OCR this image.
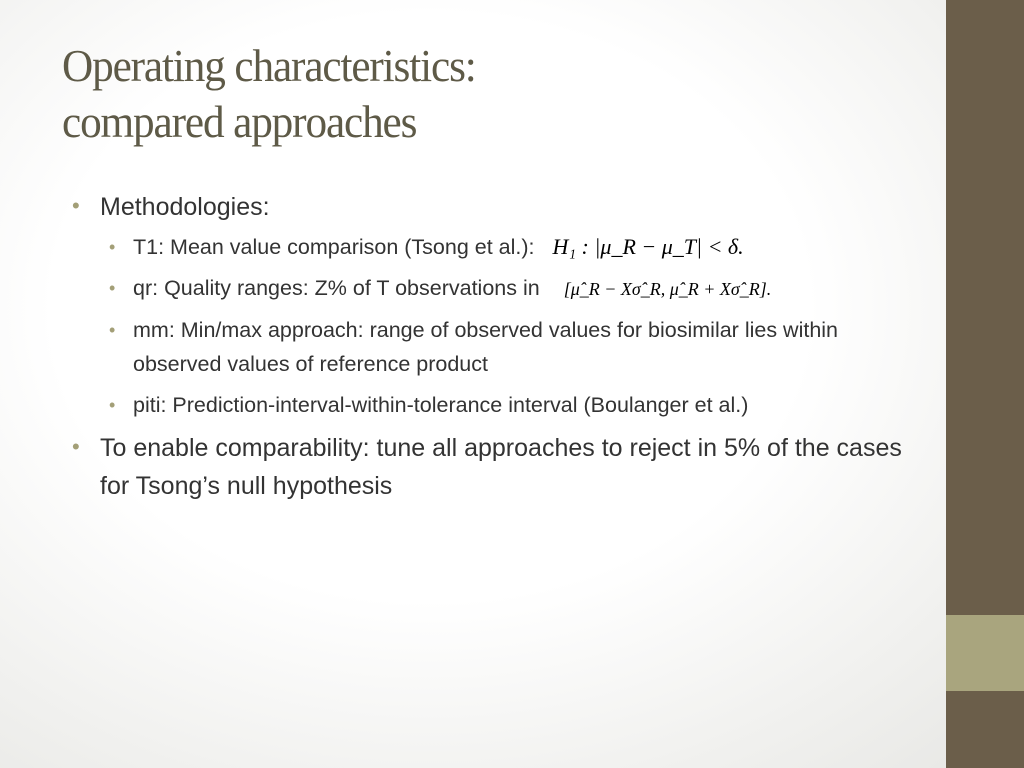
Operating characteristics:
compared approaches
• Methodologies:
• T1: Mean value comparison (Tsong et al.): H₁ : |μ_R − μ_T| < δ.
• qr: Quality ranges: Z% of T observations in [μ̂_R − Xσ̂_R, μ̂_R + Xσ̂_R].
• mm: Min/max approach: range of observed values for biosimilar lies within observed values of reference product
• piti: Prediction-interval-within-tolerance interval (Boulanger et al.)
• To enable comparability: tune all approaches to reject in 5% of the cases for Tsong’s null hypothesis
